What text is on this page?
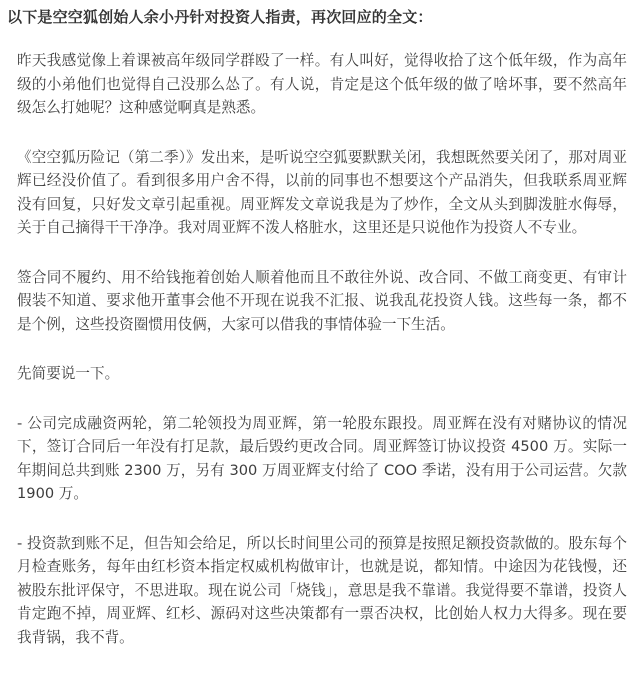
以下是空空狐创始人余小丹针对投资人指责，再次回应的全文：

昨天我感觉像上着课被高年级同学群殴了一样。有人叫好，觉得收拾了这个低年级，作为高年级的小弟他们也觉得自己没那么怂了。有人说，肯定是这个低年级的做了啥坏事，要不然高年级怎么打她呢？这种感觉啊真是熟悉。

《空空狐历险记（第二季）》发出来，是听说空空狐要默默关闭，我想既然要关闭了，那对周亚辉已经没价值了。看到很多用户舍不得，以前的同事也不想要这个产品消失，但我联系周亚辉没有回复，只好发文章引起重视。周亚辉发文章说我是为了炒作，全文从头到脚泼脏水侮辱，关于自己摘得干干净净。我对周亚辉不泼人格脏水，这里还是只说他作为投资人不专业。

签合同不履约、用不给钱拖着创始人顺着他而且不敢往外说、改合同、不做工商变更、有审计假装不知道、要求他开董事会他不开现在说我不汇报、说我乱花投资人钱。这些每一条，都不是个例，这些投资圈惯用伎俩，大家可以借我的事情体验一下生活。

先简要说一下。

- 公司完成融资两轮，第二轮领投为周亚辉，第一轮股东跟投。周亚辉在没有对赌协议的情况下，签订合同后一年没有打足款，最后毁约更改合同。周亚辉签订协议投资 4500 万。实际一年期间总共到账 2300 万，另有 300 万周亚辉支付给了 COO 季诺，没有用于公司运营。欠款 1900 万。

- 投资款到账不足，但告知会给足，所以长时间里公司的预算是按照足额投资款做的。股东每个月检查账务，每年由红杉资本指定权威机构做审计，也就是说，都知情。中途因为花钱慢，还被股东批评保守，不思进取。现在说公司「烧钱」，意思是我不靠谱。我觉得要不靠谱，投资人肯定跑不掉，周亚辉、红杉、源码对这些决策都有一票否决权，比创始人权力大得多。现在要我背锅，我不背。
